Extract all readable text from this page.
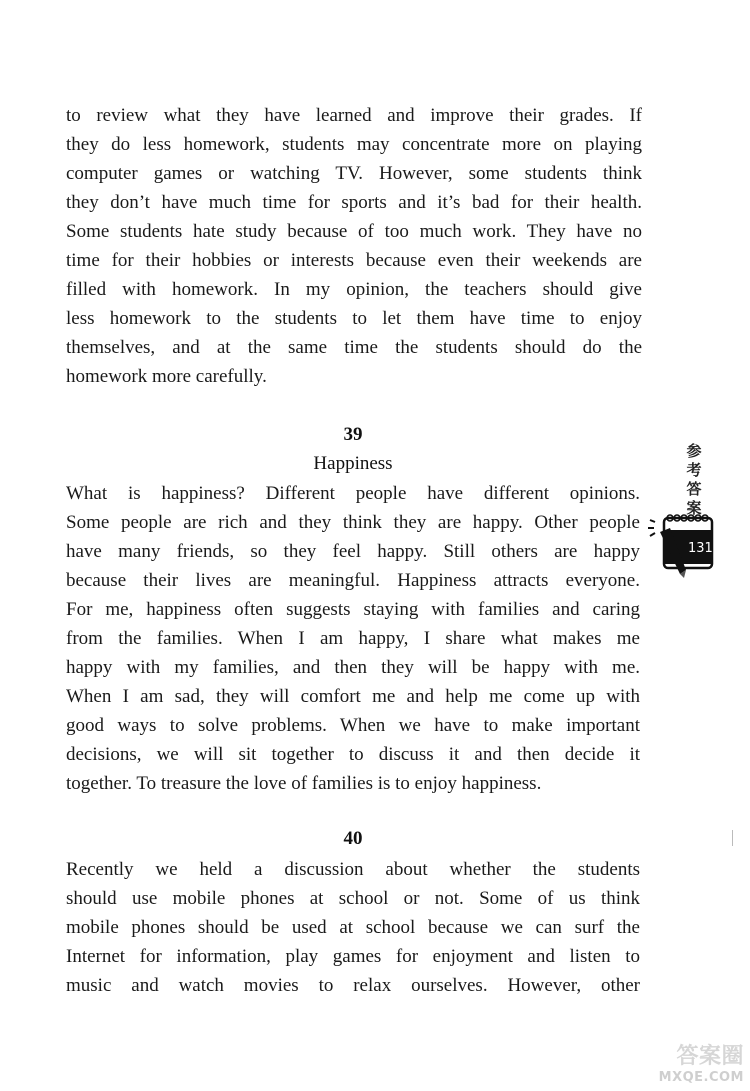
to review what they have learned and improve their grades. If
they do less homework, students may concentrate more on playing
computer games or watching TV. However, some students think
they don’t have much time for sports and it’s bad for their health.
Some students hate study because of too much work. They have no
time for their hobbies or interests because even their weekends are
filled with homework. In my opinion, the teachers should give
less homework to the students to let them have time to enjoy
themselves, and at the same time the students should do the
homework more carefully.
39
Happiness
What is happiness? Different people have different opinions.
Some people are rich and they think they are happy. Other people
have many friends, so they feel happy. Still others are happy
because their lives are meaningful. Happiness attracts everyone.
For me, happiness often suggests staying with families and caring
from the families. When I am happy, I share what makes me
happy with my families, and then they will be happy with me.
When I am sad, they will comfort me and help me come up with
good ways to solve problems. When we have to make important
decisions, we will sit together to discuss it and then decide it
together. To treasure the love of families is to enjoy happiness.
40
Recently we held a discussion about whether the students
should use mobile phones at school or not. Some of us think
mobile phones should be used at school because we can surf the
Internet for information, play games for enjoyment and listen to
music and watch movies to relax ourselves. However, other
参
考
答
案
131
答案圈
MXQE.COM
